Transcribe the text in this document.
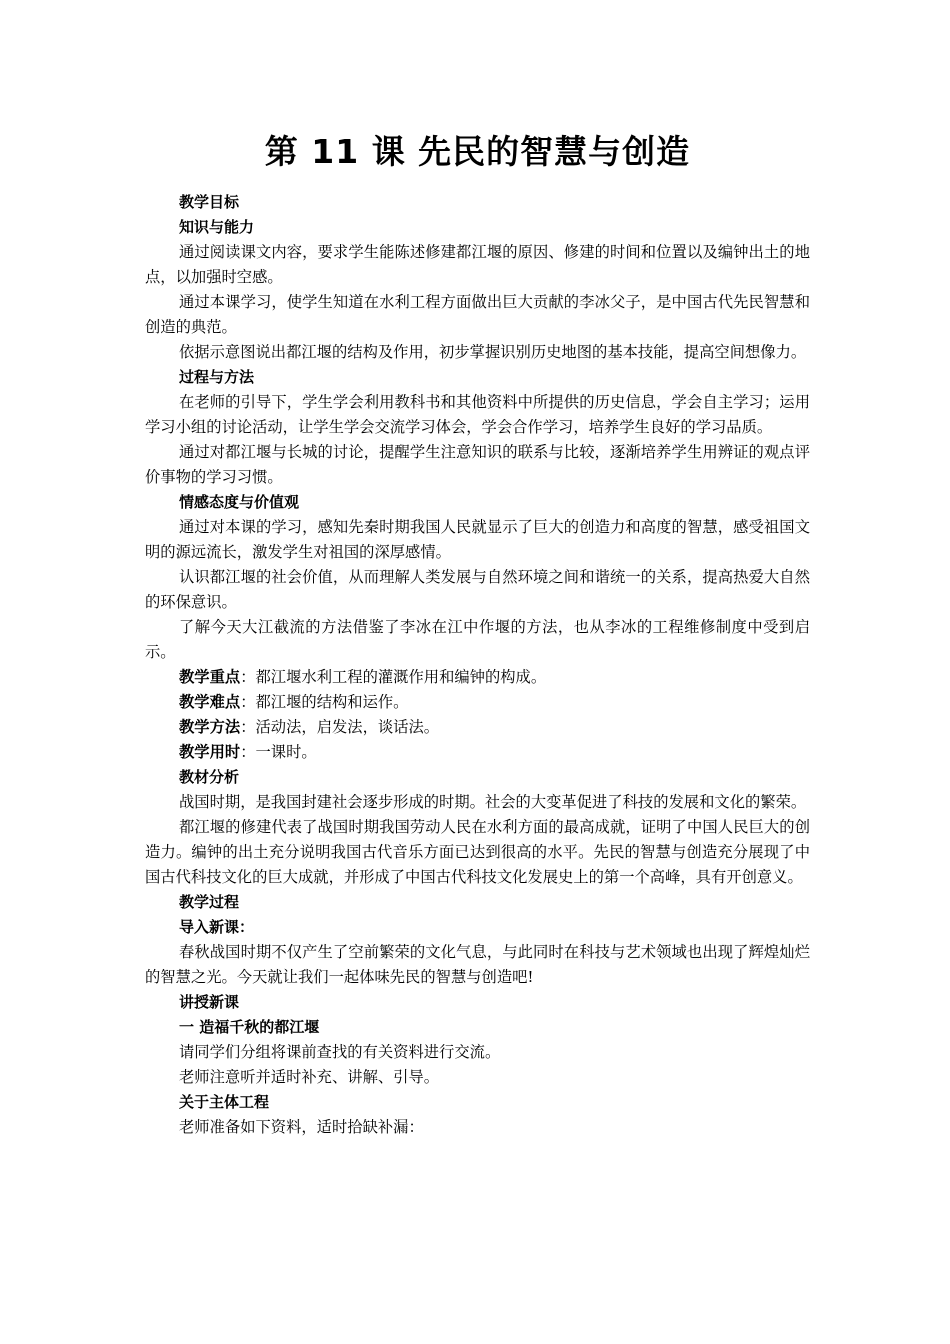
第 11 课 先民的智慧与创造

教学目标

知识与能力

通过阅读课文内容，要求学生能陈述修建都江堰的原因、修建的时间和位置以及编钟出土的地点，以加强时空感。

通过本课学习，使学生知道在水利工程方面做出巨大贡献的李冰父子，是中国古代先民智慧和创造的典范。

依据示意图说出都江堰的结构及作用，初步掌握识别历史地图的基本技能，提高空间想像力。

过程与方法

在老师的引导下，学生学会利用教科书和其他资料中所提供的历史信息，学会自主学习；运用学习小组的讨论活动，让学生学会交流学习体会，学会合作学习，培养学生良好的学习品质。

通过对都江堰与长城的讨论，提醒学生注意知识的联系与比较，逐渐培养学生用辨证的观点评价事物的学习习惯。

情感态度与价值观

通过对本课的学习，感知先秦时期我国人民就显示了巨大的创造力和高度的智慧，感受祖国文明的源远流长，激发学生对祖国的深厚感情。

认识都江堰的社会价值，从而理解人类发展与自然环境之间和谐统一的关系，提高热爱大自然的环保意识。

了解今天大江截流的方法借鉴了李冰在江中作堰的方法，也从李冰的工程维修制度中受到启示。

教学重点：都江堰水利工程的灌溉作用和编钟的构成。

教学难点：都江堰的结构和运作。

教学方法：活动法，启发法，谈话法。

教学用时：一课时。

教材分析

战国时期，是我国封建社会逐步形成的时期。社会的大变革促进了科技的发展和文化的繁荣。

都江堰的修建代表了战国时期我国劳动人民在水利方面的最高成就，证明了中国人民巨大的创造力。编钟的出土充分说明我国古代音乐方面已达到很高的水平。先民的智慧与创造充分展现了中国古代科技文化的巨大成就，并形成了中国古代科技文化发展史上的第一个高峰，具有开创意义。

教学过程

导入新课：

春秋战国时期不仅产生了空前繁荣的文化气息，与此同时在科技与艺术领域也出现了辉煌灿烂的智慧之光。今天就让我们一起体味先民的智慧与创造吧!

讲授新课

一 造福千秋的都江堰

请同学们分组将课前查找的有关资料进行交流。

老师注意听并适时补充、讲解、引导。

关于主体工程

老师准备如下资料，适时拾缺补漏：
